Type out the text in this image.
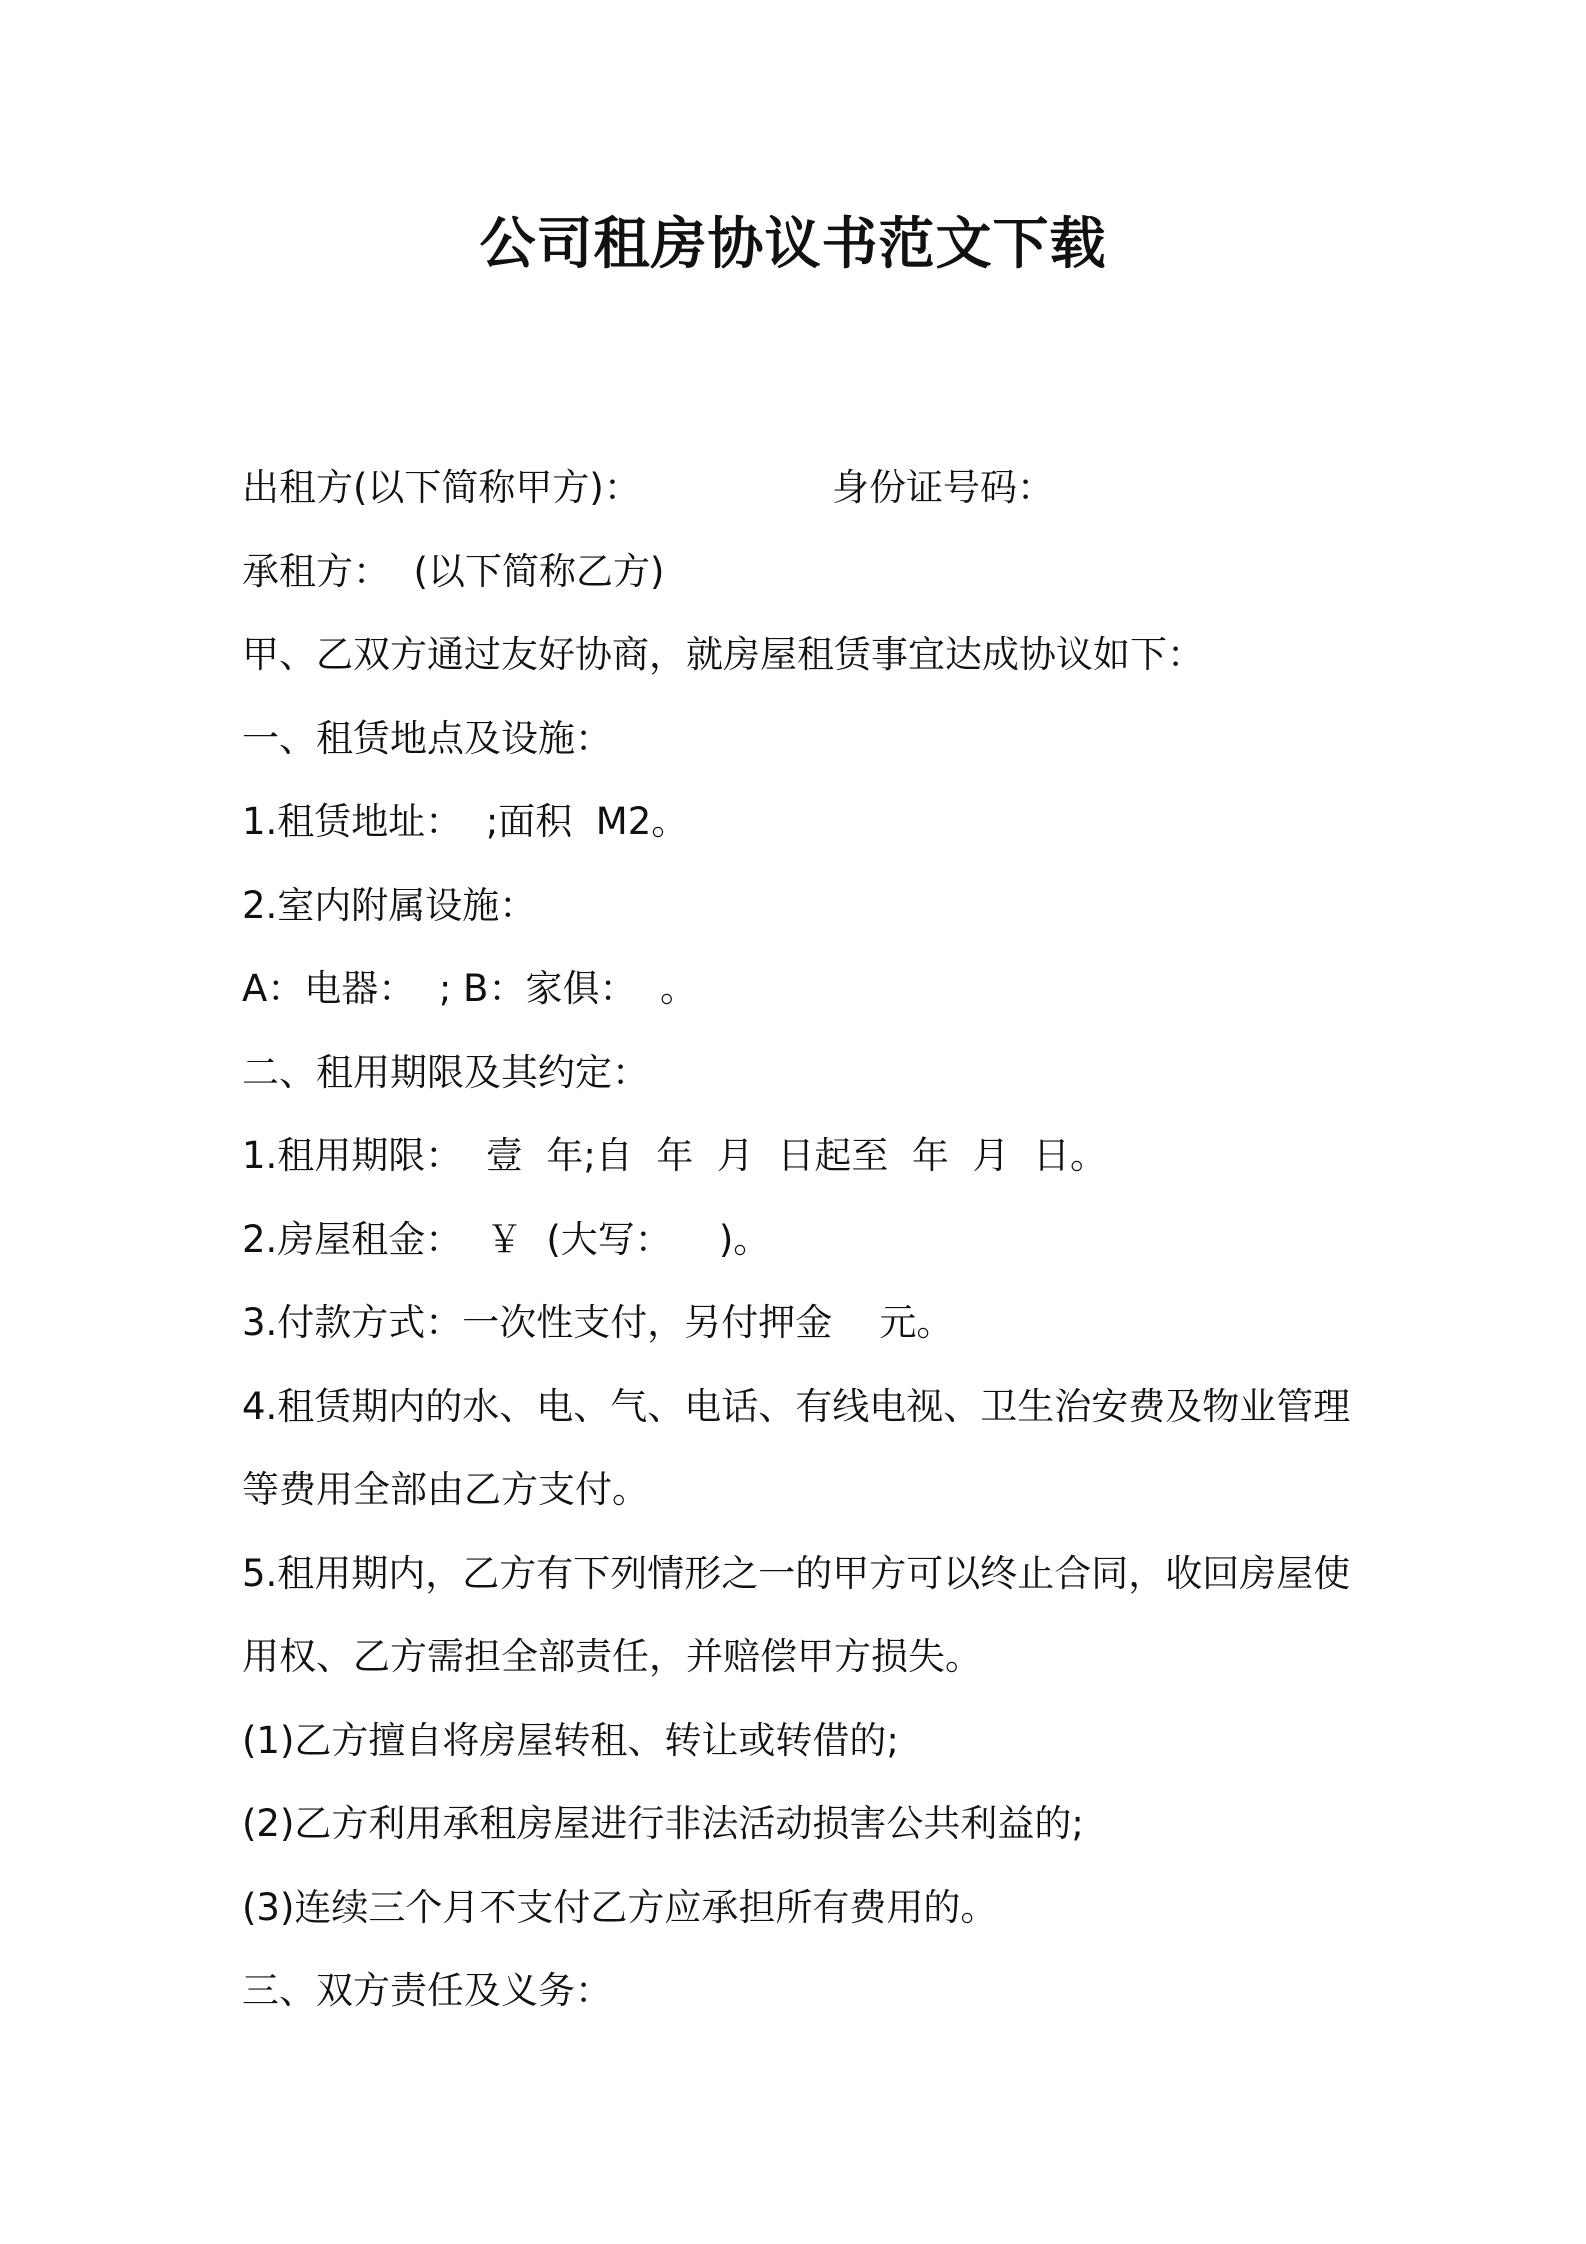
公司租房协议书范文下载
出租方(以下简称甲方)：	身份证号码：
承租方：  (以下简称乙方)
甲、乙双方通过友好协商，就房屋租赁事宜达成协议如下：
一、租赁地点及设施：
1.租赁地址：  ;面积  M2。
2.室内附属设施：
A：电器：  ; B：家俱：  。
二、租用期限及其约定：
1.租用期限：  壹  年;自  年  月  日起至  年  月  日。
2.房屋租金：  ￥  (大写：    )。
3.付款方式：一次性支付，另付押金    元。
4.租赁期内的水、电、气、电话、有线电视、卫生治安费及物业管理
等费用全部由乙方支付。
5.租用期内，乙方有下列情形之一的甲方可以终止合同，收回房屋使
用权、乙方需担全部责任，并赔偿甲方损失。
(1)乙方擅自将房屋转租、转让或转借的;
(2)乙方利用承租房屋进行非法活动损害公共利益的;
(3)连续三个月不支付乙方应承担所有费用的。
三、双方责任及义务：
